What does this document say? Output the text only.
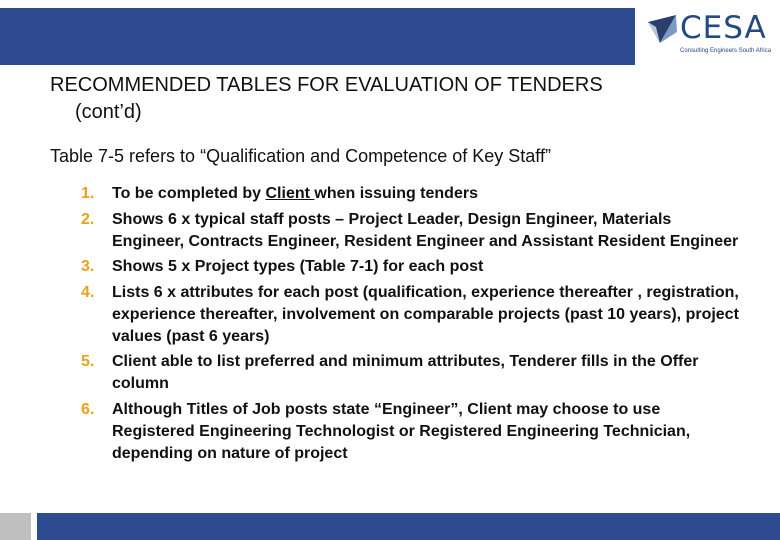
CESA
Consulting Engineers South Africa
RECOMMENDED TABLES FOR EVALUATION OF TENDERS
(cont’d)
Table 7-5 refers to “Qualification and Competence of Key Staff”
1. To be completed by Client when issuing tenders
2. Shows 6 x typical staff posts – Project Leader, Design Engineer, Materials Engineer, Contracts Engineer, Resident Engineer and Assistant Resident Engineer
3. Shows 5 x Project types (Table 7-1) for each post
4. Lists 6 x attributes for each post (qualification, experience thereafter , registration, experience thereafter, involvement on comparable projects (past 10 years), project values (past 6 years)
5. Client able to list preferred and minimum attributes, Tenderer fills in the Offer column
6. Although Titles of Job posts state “Engineer”, Client may choose to use Registered Engineering Technologist or Registered Engineering Technician, depending on nature of project
